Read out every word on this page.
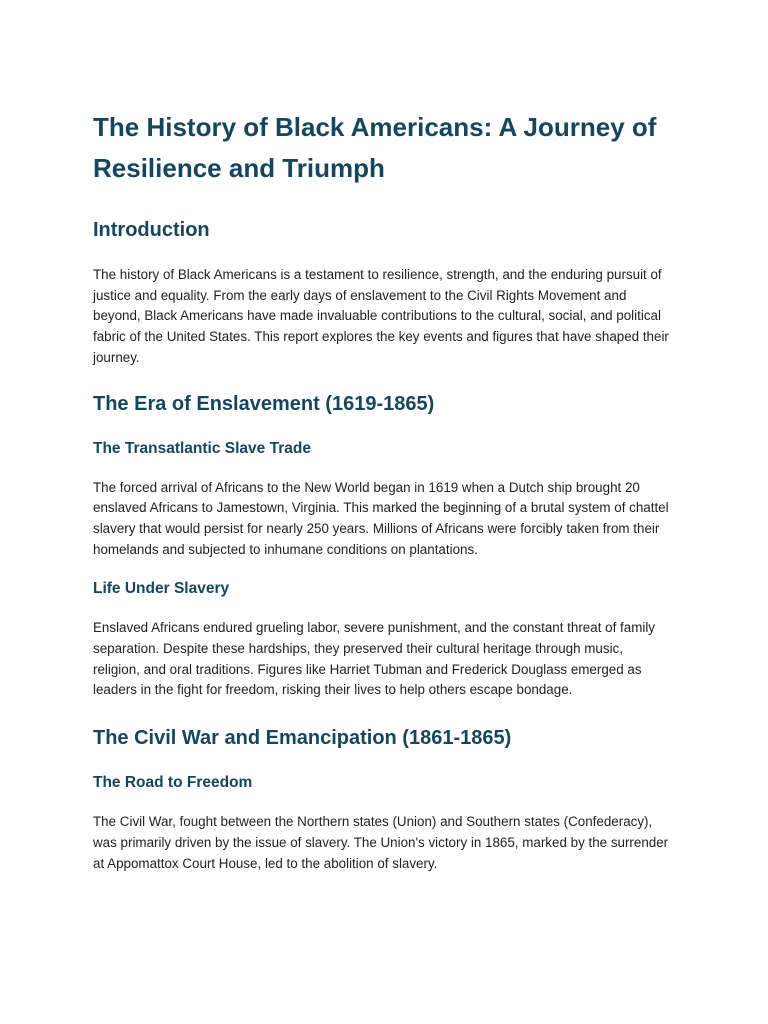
The History of Black Americans: A Journey of Resilience and Triumph
Introduction

The history of Black Americans is a testament to resilience, strength, and the enduring pursuit of justice and equality. From the early days of enslavement to the Civil Rights Movement and beyond, Black Americans have made invaluable contributions to the cultural, social, and political fabric of the United States. This report explores the key events and figures that have shaped their journey.

The Era of Enslavement (1619-1865)
The Transatlantic Slave Trade

The forced arrival of Africans to the New World began in 1619 when a Dutch ship brought 20 enslaved Africans to Jamestown, Virginia. This marked the beginning of a brutal system of chattel slavery that would persist for nearly 250 years. Millions of Africans were forcibly taken from their homelands and subjected to inhumane conditions on plantations.

Life Under Slavery

Enslaved Africans endured grueling labor, severe punishment, and the constant threat of family separation. Despite these hardships, they preserved their cultural heritage through music, religion, and oral traditions. Figures like Harriet Tubman and Frederick Douglass emerged as leaders in the fight for freedom, risking their lives to help others escape bondage.

The Civil War and Emancipation (1861-1865)
The Road to Freedom

The Civil War, fought between the Northern states (Union) and Southern states (Confederacy), was primarily driven by the issue of slavery. The Union's victory in 1865, marked by the surrender at Appomattox Court House, led to the abolition of slavery.
